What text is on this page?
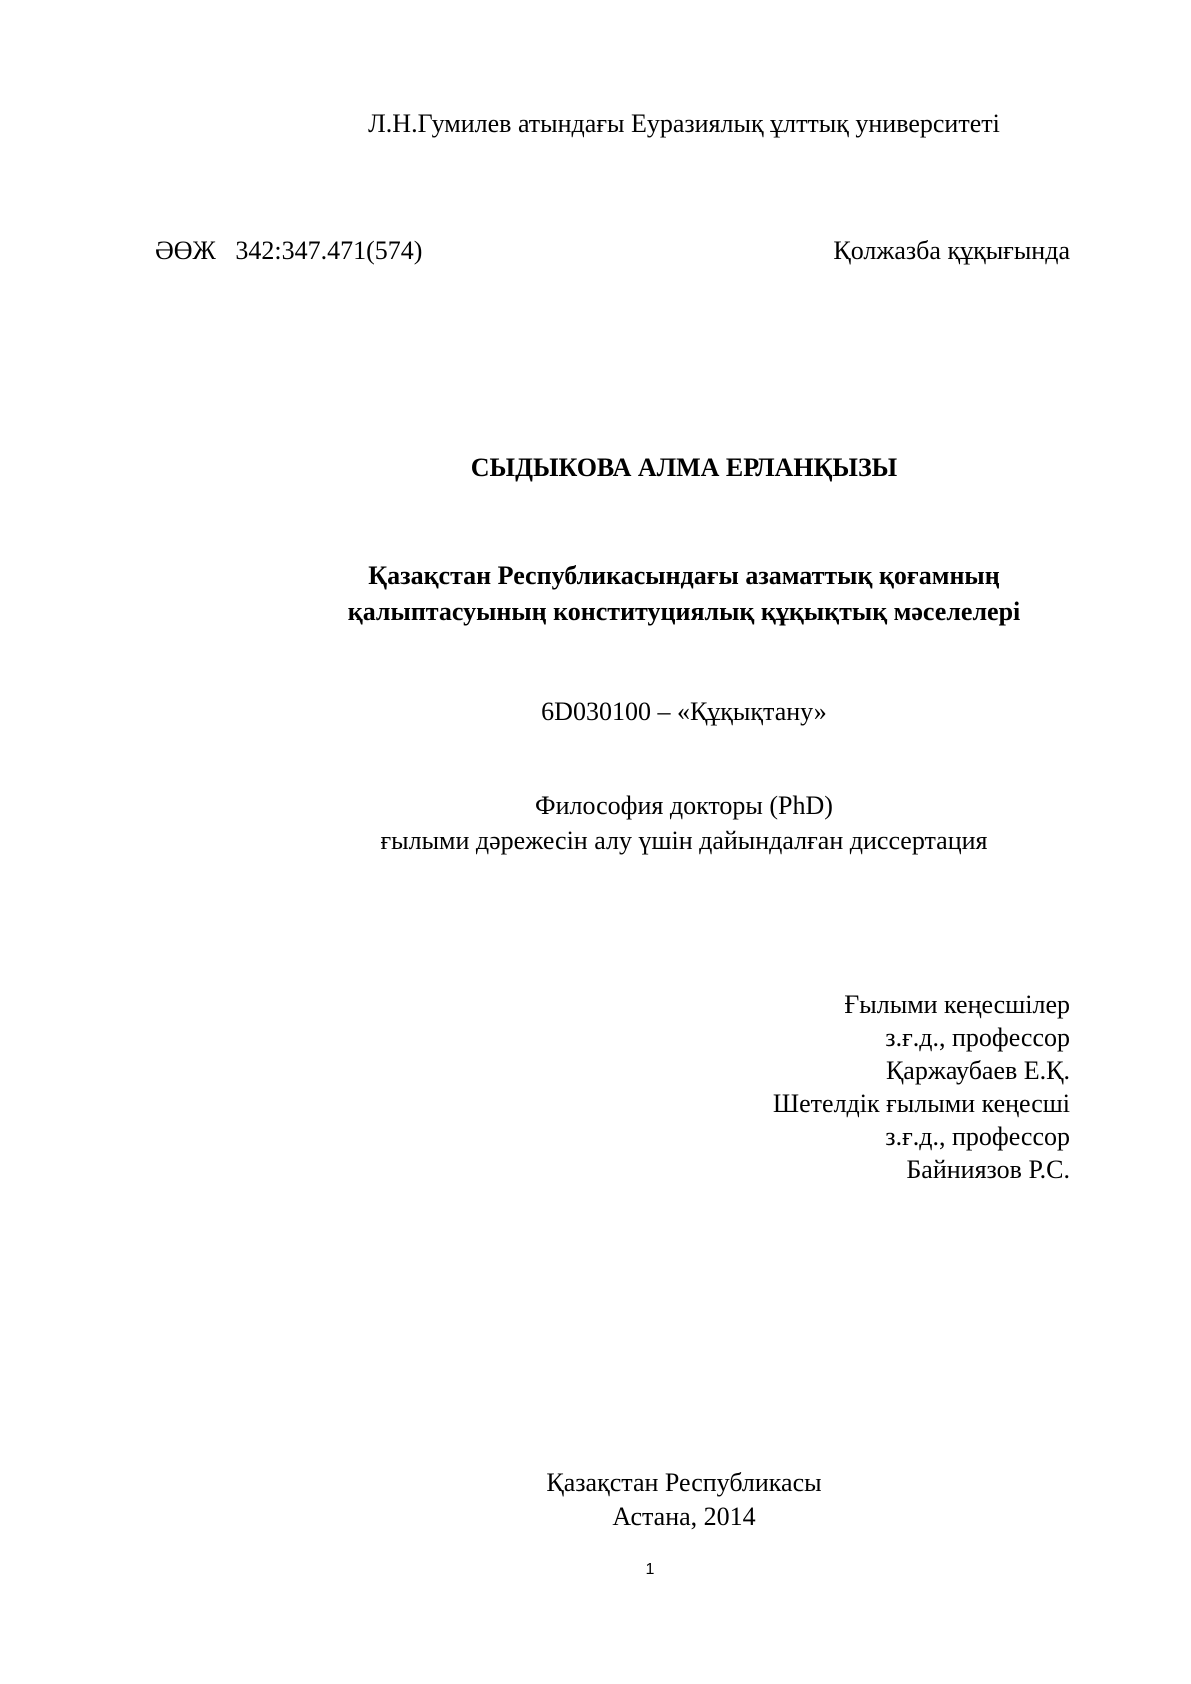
Л.Н.Гумилев атындағы Еуразиялық ұлттық университеті
ӘӨЖ   342:347.471(574)	Қолжазба құқығында
СЫДЫКОВА АЛМА ЕРЛАНҚЫЗЫ
Қазақстан Республикасындағы азаматтық қоғамның
қалыптасуының конституциялық құқықтық мәселелері
6D030100 – «Құқықтану»
Философия докторы (PhD)
ғылыми дәрежесін алу үшін дайындалған диссертация
Ғылыми кеңесшілер
з.ғ.д., профессор
Қаржаубаев Е.Қ.
Шетелдік ғылыми кеңесші
з.ғ.д., профессор
Байниязов Р.С.
Қазақстан Республикасы
Астана, 2014
1
